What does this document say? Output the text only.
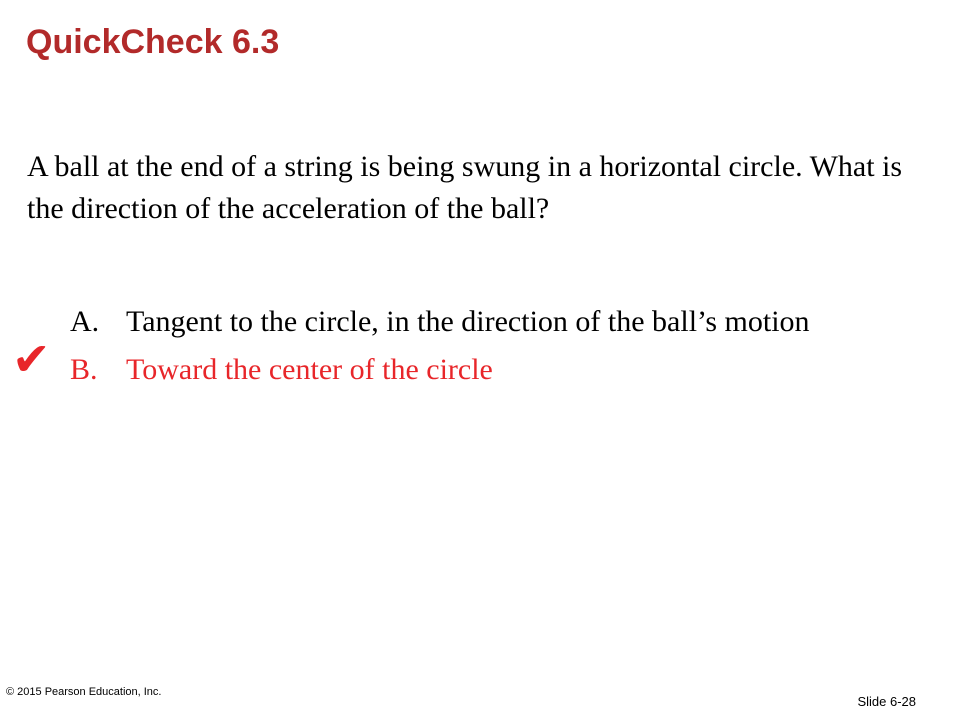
QuickCheck 6.3

A ball at the end of a string is being swung in a horizontal circle. What is the direction of the acceleration of the ball?

A. Tangent to the circle, in the direction of the ball’s motion
B. Toward the center of the circle
✔
© 2015 Pearson Education, Inc.
Slide 6-28
